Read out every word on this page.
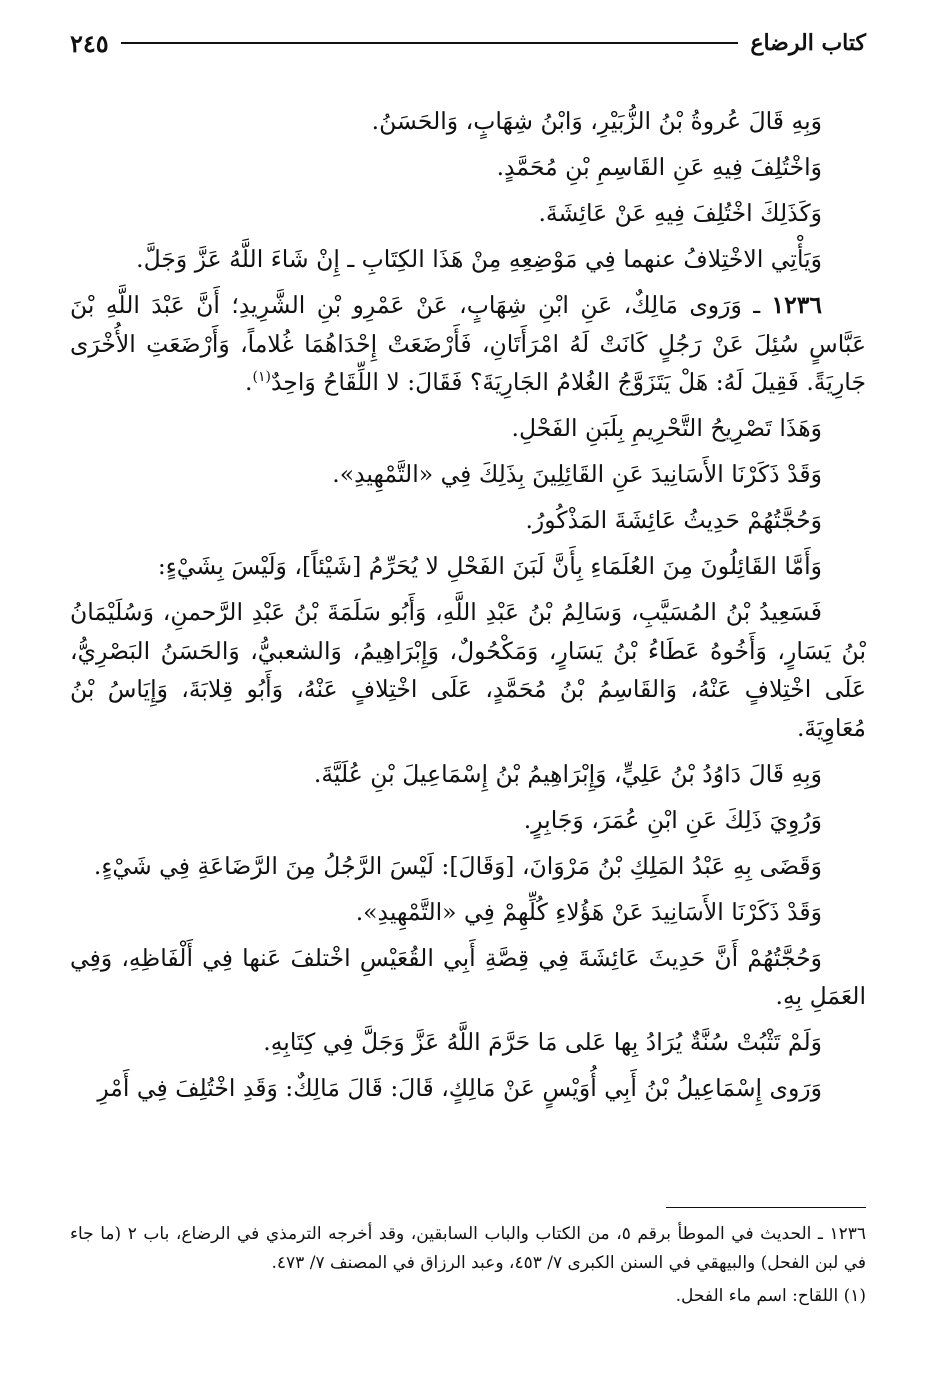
كتاب الرضاع
٢٤٥

وَبِهِ قَالَ عُروةُ بْنُ الزُّبَيْرِ، وَابْنُ شِهَابٍ، وَالحَسَنُ.

وَاخْتُلِفَ فِيهِ عَنِ القَاسِمِ بْنِ مُحَمَّدٍ.

وَكَذَلِكَ اخْتُلِفَ فِيهِ عَنْ عَائِشَةَ.

وَيَأْتِي الاخْتِلافُ عنهما فِي مَوْضِعِهِ مِنْ هَذَا الكِتَابِ ـ إِنْ شَاءَ اللَّهُ عَزَّ وَجَلَّ.

١٢٣٦ ـ وَرَوى مَالِكٌ، عَنِ ابْنِ شِهَابٍ، عَنْ عَمْرِو بْنِ الشَّرِيدِ؛ أَنَّ عَبْدَ اللَّهِ بْنَ عَبَّاسٍ سُئِلَ عَنْ رَجُلٍ كَانَتْ لَهُ امْرَأَتَانِ، فَأَرْضَعَتْ إِحْدَاهُمَا غُلاماً، وَأَرْضَعَتِ الأُخْرَى جَارِيَةً. فَقِيلَ لَهُ: هَلْ يَتَزَوَّجُ الغُلامُ الجَارِيَةَ؟ فَقَالَ: لا اللِّقَاحُ وَاحِدٌ$^{(١)}$.

وَهَذَا تَصْرِيحُ التَّحْرِيمِ بِلَبَنِ الفَحْلِ.

وَقَدْ ذَكَرْنَا الأَسَانِيدَ عَنِ القَائِلِينَ بِذَلِكَ فِي «التَّمْهِيدِ».

وَحُجَّتُهُمْ حَدِيثُ عَائِشَةَ المَذْكُورُ.

وَأَمَّا القَائِلُونَ مِنَ العُلَمَاءِ بِأَنَّ لَبَنَ الفَحْلِ لا يُحَرِّمُ [شَيْئاً]، وَلَيْسَ بِشَيْءٍ:

فَسَعِيدُ بْنُ المُسَيَّبِ، وَسَالِمُ بْنُ عَبْدِ اللَّهِ، وَأَبُو سَلَمَةَ بْنُ عَبْدِ الرَّحمنِ، وَسُلَيْمَانُ بْنُ يَسَارٍ، وَأَخُوهُ عَطَاءُ بْنُ يَسَارٍ، وَمَكْحُولٌ، وَإِبْرَاهِيمُ، وَالشعبيُّ، وَالحَسَنُ البَصْرِيُّ، عَلَى اخْتِلافٍ عَنْهُ، وَالقَاسِمُ بْنُ مُحَمَّدٍ، عَلَى اخْتِلافٍ عَنْهُ، وَأَبُو قِلابَةَ، وَإِيَاسُ بْنُ مُعَاوِيَةَ.

وَبِهِ قَالَ دَاوُدُ بْنُ عَلِيٍّ، وَإِبْرَاهِيمُ بْنُ إِسْمَاعِيلَ بْنِ عُلَيَّةَ.

وَرُوِيَ ذَلِكَ عَنِ ابْنِ عُمَرَ، وَجَابِرٍ.

وَقَضَى بِهِ عَبْدُ المَلِكِ بْنُ مَرْوَانَ، [وَقَالَ]: لَيْسَ الرَّجُلُ مِنَ الرَّضَاعَةِ فِي شَيْءٍ.

وَقَدْ ذَكَرْنَا الأَسَانِيدَ عَنْ هَؤُلاءِ كُلِّهِمْ فِي «التَّمْهِيدِ».

وَحُجَّتُهُمْ أَنَّ حَدِيثَ عَائِشَةَ فِي قِصَّةِ أَبِي القُعَيْسِ اخْتلفَ عَنها فِي أَلْفَاظِهِ، وَفِي العَمَلِ بِهِ.

وَلَمْ تَثْبُتْ سُنَّةٌ يُرَادُ بِها عَلى مَا حَرَّمَ اللَّهُ عَزَّ وَجَلَّ فِي كِتَابِهِ.

وَرَوى إِسْمَاعِيلُ بْنُ أَبِي أُوَيْسٍ عَنْ مَالِكٍ، قَالَ: قَالَ مَالِكٌ: وَقَدِ اخْتُلِفَ فِي أَمْرِ

١٢٣٦ ـ الحديث في الموطأ برقم ٥، من الكتاب والباب السابقين، وقد أخرجه الترمذي في الرضاع، باب ٢ (ما جاء في لبن الفحل) والبيهقي في السنن الكبرى ٧/ ٤٥٣، وعبد الرزاق في المصنف ٧/ ٤٧٣.

(١) اللقاح: اسم ماء الفحل.
